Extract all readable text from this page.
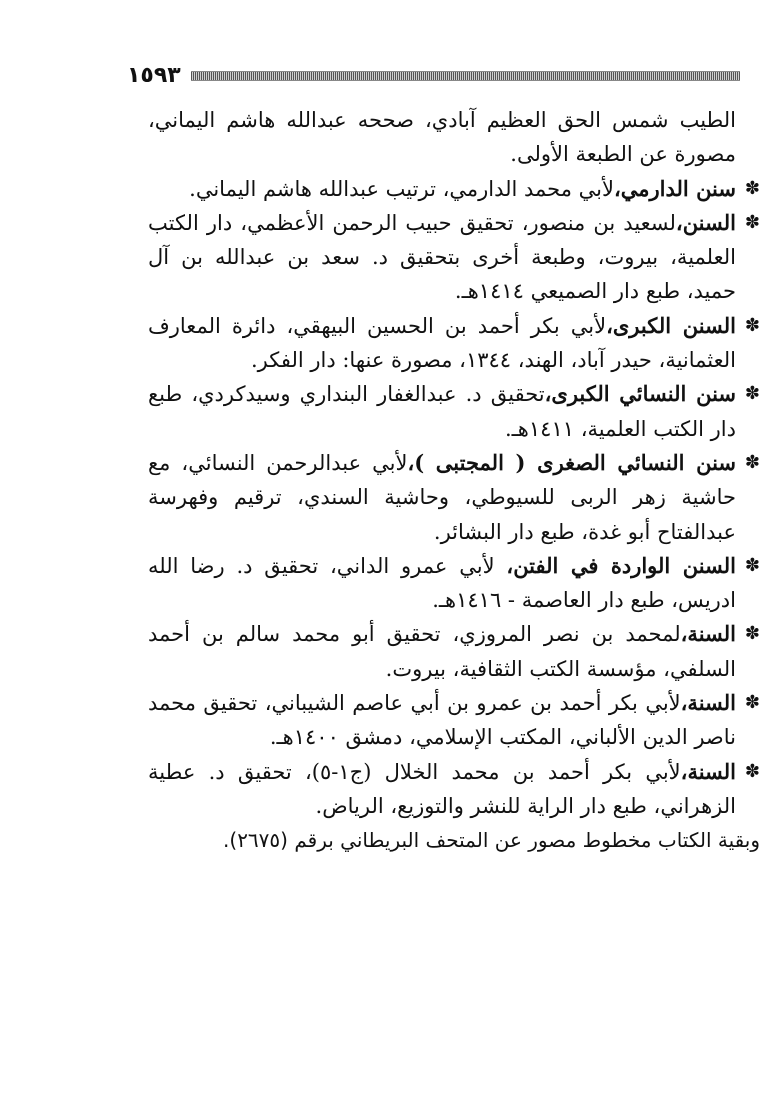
١٥٩٣

الطيب شمس الحق العظيم آبادي، صححه عبدالله هاشم اليماني، مصورة عن الطبعة الأولى.

✽
سنن الدارمي،لأبي محمد الدارمي، ترتيب عبدالله هاشم اليماني.

✽
السنن،لسعيد بن منصور، تحقيق حبيب الرحمن الأعظمي، دار الكتب العلمية، بيروت، وطبعة أخرى بتحقيق د. سعد بن عبدالله بن آل حميد، طبع دار الصميعي ١٤١٤هـ.

✽
السنن الكبرى،لأبي بكر أحمد بن الحسين البيهقي، دائرة المعارف العثمانية، حيدر آباد، الهند، ١٣٤٤، مصورة عنها: دار الفكر.

✽
سنن النسائي الكبرى،تحقيق د. عبدالغفار البنداري وسيدكردي، طبع دار الكتب العلمية، ١٤١١هـ.

✽
سنن النسائي الصغرى ( المجتبى )،لأبي عبدالرحمن النسائي، مع حاشية زهر الربى للسيوطي، وحاشية السندي، ترقيم وفهرسة عبدالفتاح أبو غدة، طبع دار البشائر.

✽
السنن الواردة في الفتن، لأبي عمرو الداني، تحقيق د. رضا الله ادريس، طبع دار العاصمة - ١٤١٦هـ.

✽
السنة،لمحمد بن نصر المروزي، تحقيق أبو محمد سالم بن أحمد السلفي، مؤسسة الكتب الثقافية، بيروت.

✽
السنة،لأبي بكر أحمد بن عمرو بن أبي عاصم الشيباني، تحقيق محمد ناصر الدين الألباني، المكتب الإسلامي، دمشق ١٤٠٠هـ.

✽
السنة،لأبي بكر أحمد بن محمد الخلال (ج١-٥)، تحقيق د. عطية الزهراني، طبع دار الراية للنشر والتوزيع، الرياض.

وبقية الكتاب مخطوط مصور عن المتحف البريطاني برقم (٢٦٧٥).
